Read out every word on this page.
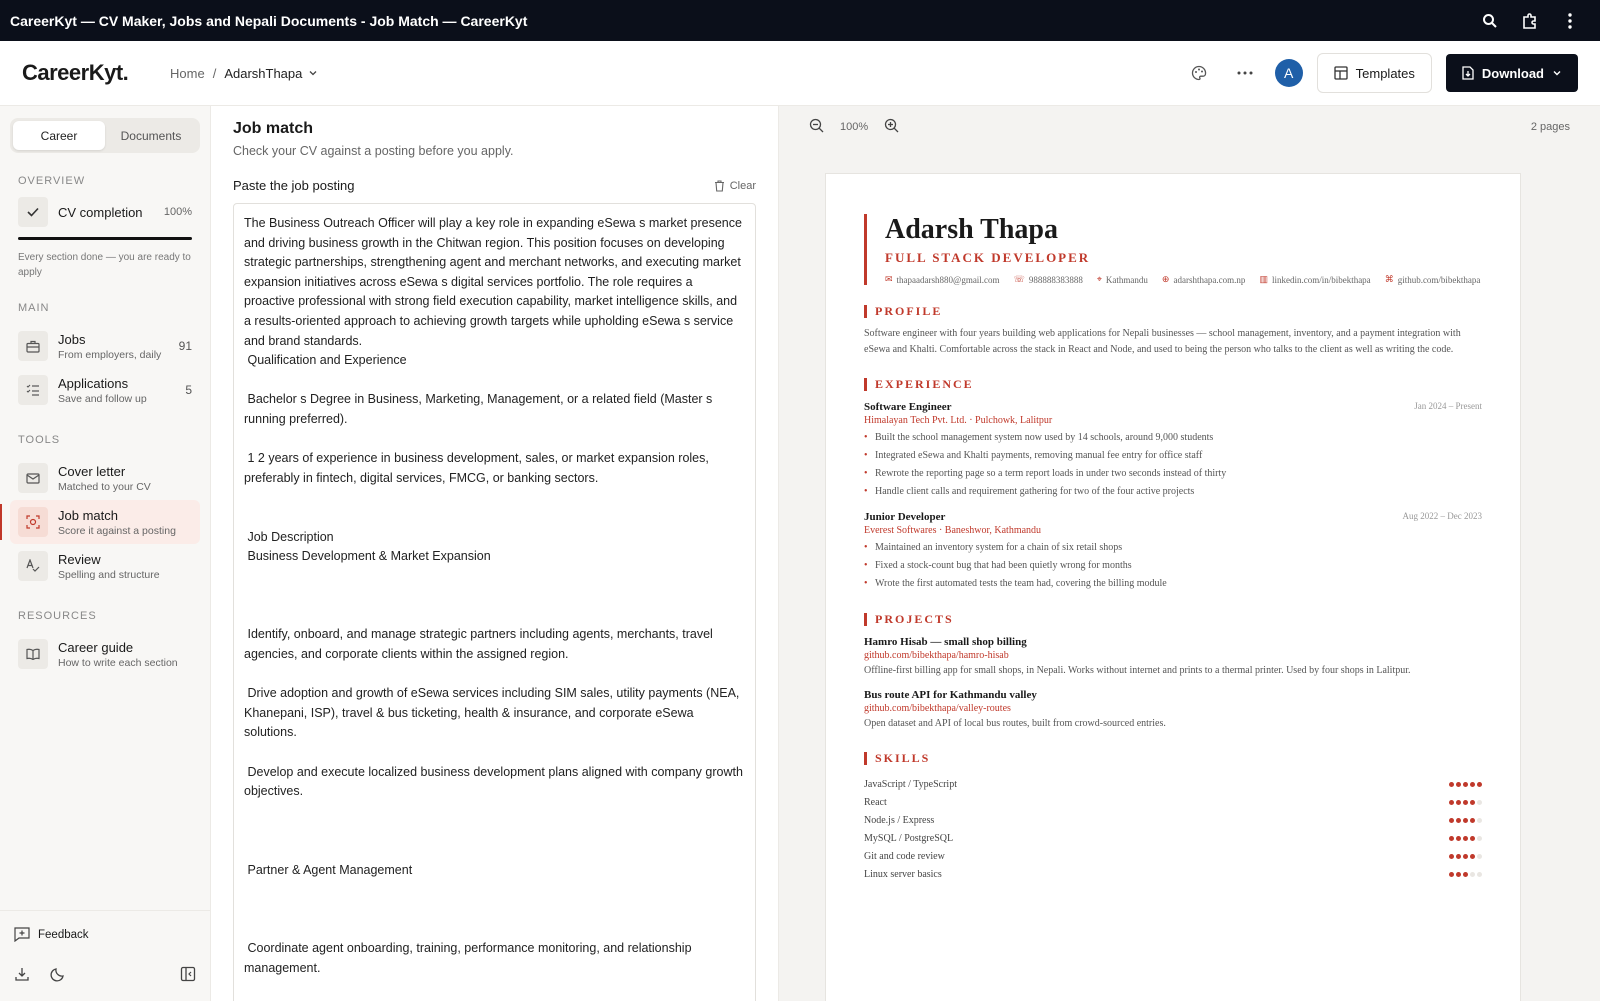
CareerKyt — CV Maker, Jobs and Nepali Documents - Job Match — CareerKyt
CareerKyt.	Home / AdarshThapa	A	Templates	Download
Career	Documents
OVERVIEW
CV completion	100%
Every section done — you are ready to apply
MAIN
Jobs
From employers, daily
91
Applications
Save and follow up
5
TOOLS
Cover letter
Matched to your CV
Job match
Score it against a posting
Review
Spelling and structure
RESOURCES
Career guide
How to write each section
Feedback
Job match
Check your CV against a posting before you apply.
Paste the job posting	Clear
The Business Outreach Officer will play a key role in expanding eSewa s market presence and driving business growth in the Chitwan region. This position focuses on developing strategic partnerships, strengthening agent and merchant networks, and executing market expansion initiatives across eSewa s digital services portfolio. The role requires a proactive professional with strong field execution capability, market intelligence skills, and a results-oriented approach to achieving growth targets while upholding eSewa s service and brand standards.
Qualification and Experience

Bachelor s Degree in Business, Marketing, Management, or a related field (Master s running preferred).

1 2 years of experience in business development, sales, or market expansion roles, preferably in fintech, digital services, FMCG, or banking sectors.

Job Description
Business Development & Market Expansion

Identify, onboard, and manage strategic partners including agents, merchants, travel agencies, and corporate clients within the assigned region.

Drive adoption and growth of eSewa services including SIM sales, utility payments (NEA, Khanepani, ISP), travel & bus ticketing, health & insurance, and corporate eSewa solutions.

Develop and execute localized business development plans aligned with company growth objectives.

Partner & Agent Management

Coordinate agent onboarding, training, performance monitoring, and relationship management.
100%	2 pages
Adarsh Thapa
FULL STACK DEVELOPER
✉ thapaadarsh880@gmail.com ☏ 988888383888 ⌖ Kathmandu ⊕ adarshthapa.com.np ▥ linkedin.com/in/bibekthapa ⌘ github.com/bibekthapa
PROFILE
Software engineer with four years building web applications for Nepali businesses — school management, inventory, and a payment integration with eSewa and Khalti. Comfortable across the stack in React and Node, and used to being the person who talks to the client as well as writing the code.
EXPERIENCE
Software Engineer	Jan 2024 – Present
Himalayan Tech Pvt. Ltd. · Pulchowk, Lalitpur
• Built the school management system now used by 14 schools, around 9,000 students
• Integrated eSewa and Khalti payments, removing manual fee entry for office staff
• Rewrote the reporting page so a term report loads in under two seconds instead of thirty
• Handle client calls and requirement gathering for two of the four active projects
Junior Developer	Aug 2022 – Dec 2023
Everest Softwares · Baneshwor, Kathmandu
• Maintained an inventory system for a chain of six retail shops
• Fixed a stock-count bug that had been quietly wrong for months
• Wrote the first automated tests the team had, covering the billing module
PROJECTS
Hamro Hisab — small shop billing
github.com/bibekthapa/hamro-hisab
Offline-first billing app for small shops, in Nepali. Works without internet and prints to a thermal printer. Used by four shops in Lalitpur.
Bus route API for Kathmandu valley
github.com/bibekthapa/valley-routes
Open dataset and API of local bus routes, built from crowd-sourced entries.
SKILLS
JavaScript / TypeScript
React
Node.js / Express
MySQL / PostgreSQL
Git and code review
Linux server basics
